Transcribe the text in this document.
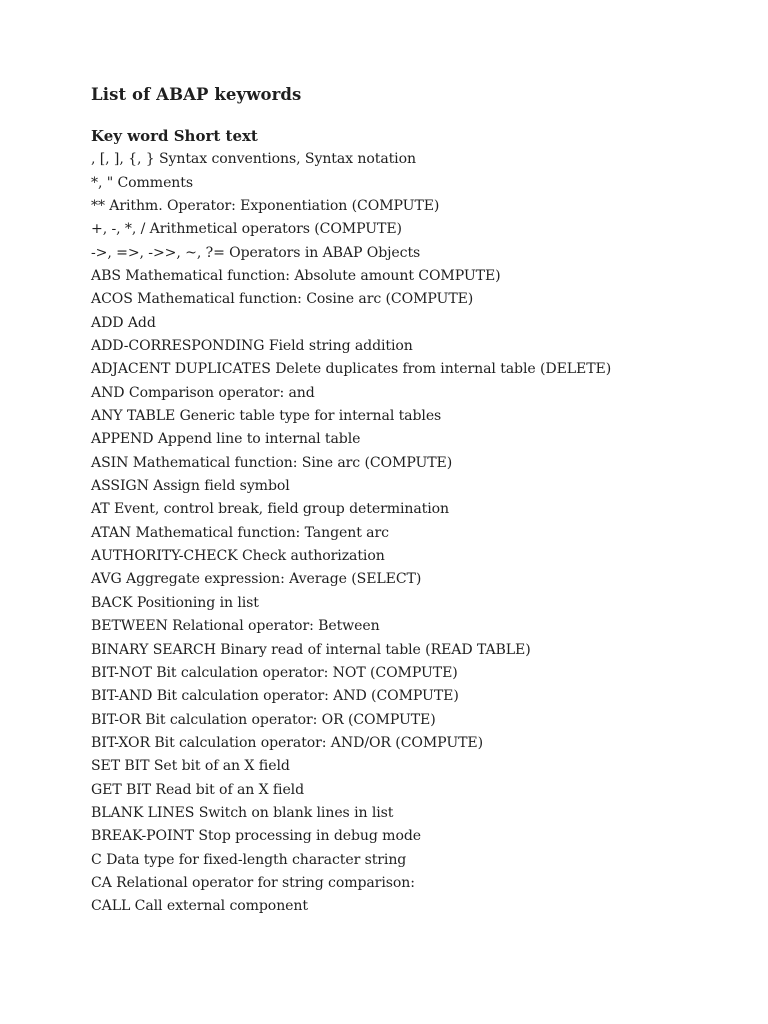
List of ABAP keywords
Key word Short text
, [, ], {, } Syntax conventions, Syntax notation
*, " Comments
** Arithm. Operator: Exponentiation (COMPUTE)
+, -, *, / Arithmetical operators (COMPUTE)
->, =>, ->>, ~, ?= Operators in ABAP Objects
ABS Mathematical function: Absolute amount COMPUTE)
ACOS Mathematical function: Cosine arc (COMPUTE)
ADD Add
ADD-CORRESPONDING Field string addition
ADJACENT DUPLICATES Delete duplicates from internal table (DELETE)
AND Comparison operator: and
ANY TABLE Generic table type for internal tables
APPEND Append line to internal table
ASIN Mathematical function: Sine arc (COMPUTE)
ASSIGN Assign field symbol
AT Event, control break, field group determination
ATAN Mathematical function: Tangent arc
AUTHORITY-CHECK Check authorization
AVG Aggregate expression: Average (SELECT)
BACK Positioning in list
BETWEEN Relational operator: Between
BINARY SEARCH Binary read of internal table (READ TABLE)
BIT-NOT Bit calculation operator: NOT (COMPUTE)
BIT-AND Bit calculation operator: AND (COMPUTE)
BIT-OR Bit calculation operator: OR (COMPUTE)
BIT-XOR Bit calculation operator: AND/OR (COMPUTE)
SET BIT Set bit of an X field
GET BIT Read bit of an X field
BLANK LINES Switch on blank lines in list
BREAK-POINT Stop processing in debug mode
C Data type for fixed-length character string
CA Relational operator for string comparison:
CALL Call external component
